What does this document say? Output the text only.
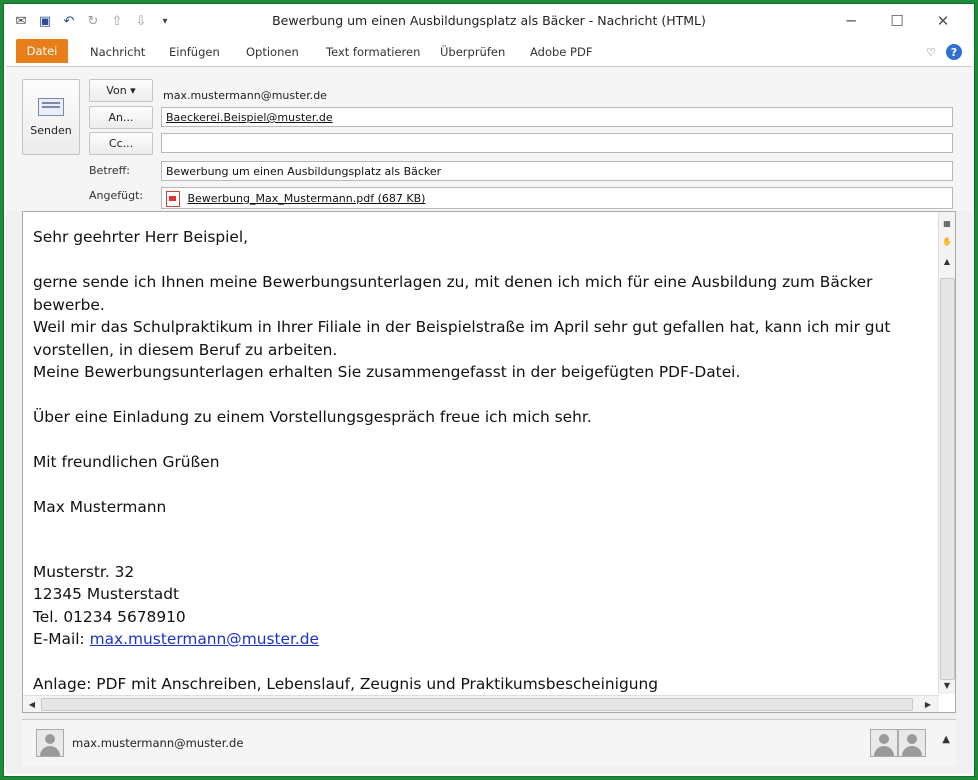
✉ ▣ ↶ ↻ ⇧ ⇩	▾	Bewerbung um einen Ausbildungsplatz als Bäcker - Nachricht (HTML)	─	☐	✕
Datei	Nachricht Einfügen Optionen Text formatieren Überprüfen Adobe PDF	♡	?
Senden
Von ▾	max.mustermann@muster.de
An...	Baeckerei.Beispiel@muster.de
Cc...
Betreff:	Bewerbung um einen Ausbildungsplatz als Bäcker
Angefügt:	Bewerbung_Max_Mustermann.pdf (687 KB)

Sehr geehrter Herr Beispiel,

gerne sende ich Ihnen meine Bewerbungsunterlagen zu, mit denen ich mich für eine Ausbildung zum Bäcker bewerbe.

Weil mir das Schulpraktikum in Ihrer Filiale in der Beispielstraße im April sehr gut gefallen hat, kann ich mir gut

vorstellen, in diesem Beruf zu arbeiten.

Meine Bewerbungsunterlagen erhalten Sie zusammengefasst in der beigefügten PDF-Datei.

Über eine Einladung zu einem Vorstellungsgespräch freue ich mich sehr.

Mit freundlichen Grüßen

Max Mustermann

Musterstr. 32

12345 Musterstadt

Tel. 01234 5678910

E-Mail: max.mustermann@muster.de

Anlage: PDF mit Anschreiben, Lebenslauf, Zeugnis und Praktikumsbescheinigung

▦
✋
▲
▼
◀	▶
max.mustermann@muster.de	▲
